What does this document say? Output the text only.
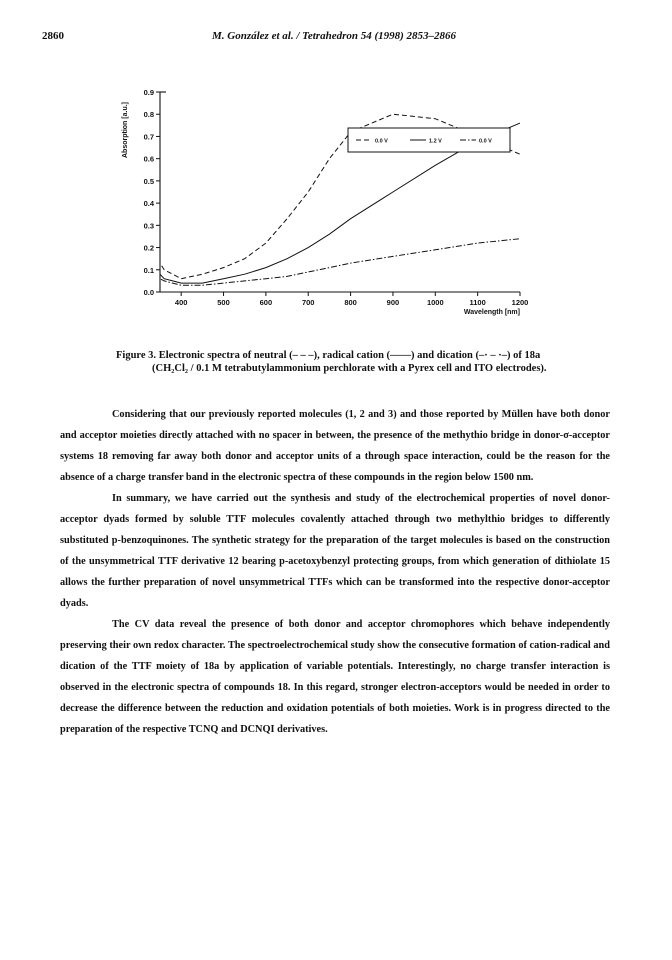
2860	M. González et al. / Tetrahedron 54 (1998) 2853–2866
0.0
0.1
0.2
0.3
0.4
0.5
0.6
0.7
0.8
0.9
400	500	600	700	800	900	1000	1100	1200
Wavelength [nm]
Absorption [a.u.]	0.0 V	1.2 V	0.0 V
Figure 3. Electronic spectra of neutral (– – –), radical cation (——) and dication (–· – ·–) of 18a
(CH₂Cl₂ / 0.1 M tetrabutylammonium perchlorate with a Pyrex cell and ITO electrodes).

Considering that our previously reported molecules (1, 2 and 3) and those reported by Müllen have both donor and acceptor moieties directly attached with no spacer in between, the presence of the methythio bridge in donor-σ-acceptor systems 18 removing far away both donor and acceptor units of a through space interaction, could be the reason for the absence of a charge transfer band in the electronic spectra of these compounds in the region below 1500 nm.

In summary, we have carried out the synthesis and study of the electrochemical properties of novel donor-acceptor dyads formed by soluble TTF molecules covalently attached through two methylthio bridges to differently substituted p-benzoquinones. The synthetic strategy for the preparation of the target molecules is based on the construction of the unsymmetrical TTF derivative 12 bearing p-acetoxybenzyl protecting groups, from which generation of dithiolate 15 allows the further preparation of novel unsymmetrical TTFs which can be transformed into the respective donor-acceptor dyads.

The CV data reveal the presence of both donor and acceptor chromophores which behave independently preserving their own redox character. The spectroelectrochemical study show the consecutive formation of cation-radical and dication of the TTF moiety of 18a by application of variable potentials. Interestingly, no charge transfer interaction is observed in the electronic spectra of compounds 18. In this regard, stronger electron-acceptors would be needed in order to decrease the difference between the reduction and oxidation potentials of both moieties. Work is in progress directed to the preparation of the respective TCNQ and DCNQI derivatives.
